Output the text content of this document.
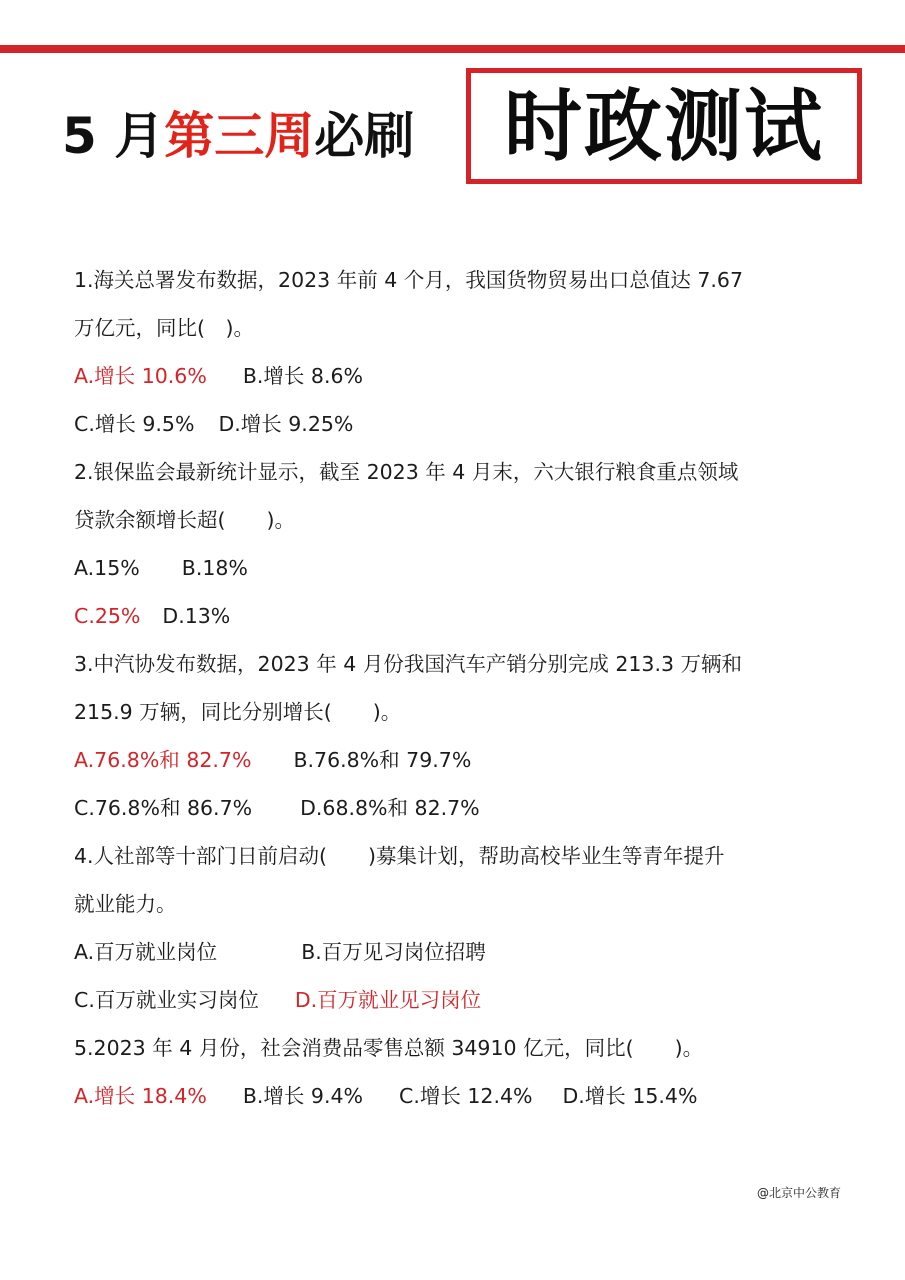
5 月第三周必刷	时政测试
1.海关总署发布数据，2023 年前 4 个月，我国货物贸易出口总值达 7.67
万亿元，同比(　)。
A.增长 10.6% B.增长 8.6%
C.增长 9.5% D.增长 9.25%
2.银保监会最新统计显示，截至 2023 年 4 月末，六大银行粮食重点领域
贷款余额增长超(　　)。
A.15% B.18%
C.25% D.13%
3.中汽协发布数据，2023 年 4 月份我国汽车产销分别完成 213.3 万辆和
215.9 万辆，同比分别增长(　　)。
A.76.8%和 82.7% B.76.8%和 79.7%
C.76.8%和 86.7% D.68.8%和 82.7%
4.人社部等十部门日前启动(　　)募集计划，帮助高校毕业生等青年提升
就业能力。
A.百万就业岗位	B.百万见习岗位招聘
C.百万就业实习岗位 D.百万就业见习岗位
5.2023 年 4 月份，社会消费品零售总额 34910 亿元，同比(　　)。
A.增长 18.4% B.增长 9.4% C.增长 12.4% D.增长 15.4%
@北京中公教育
